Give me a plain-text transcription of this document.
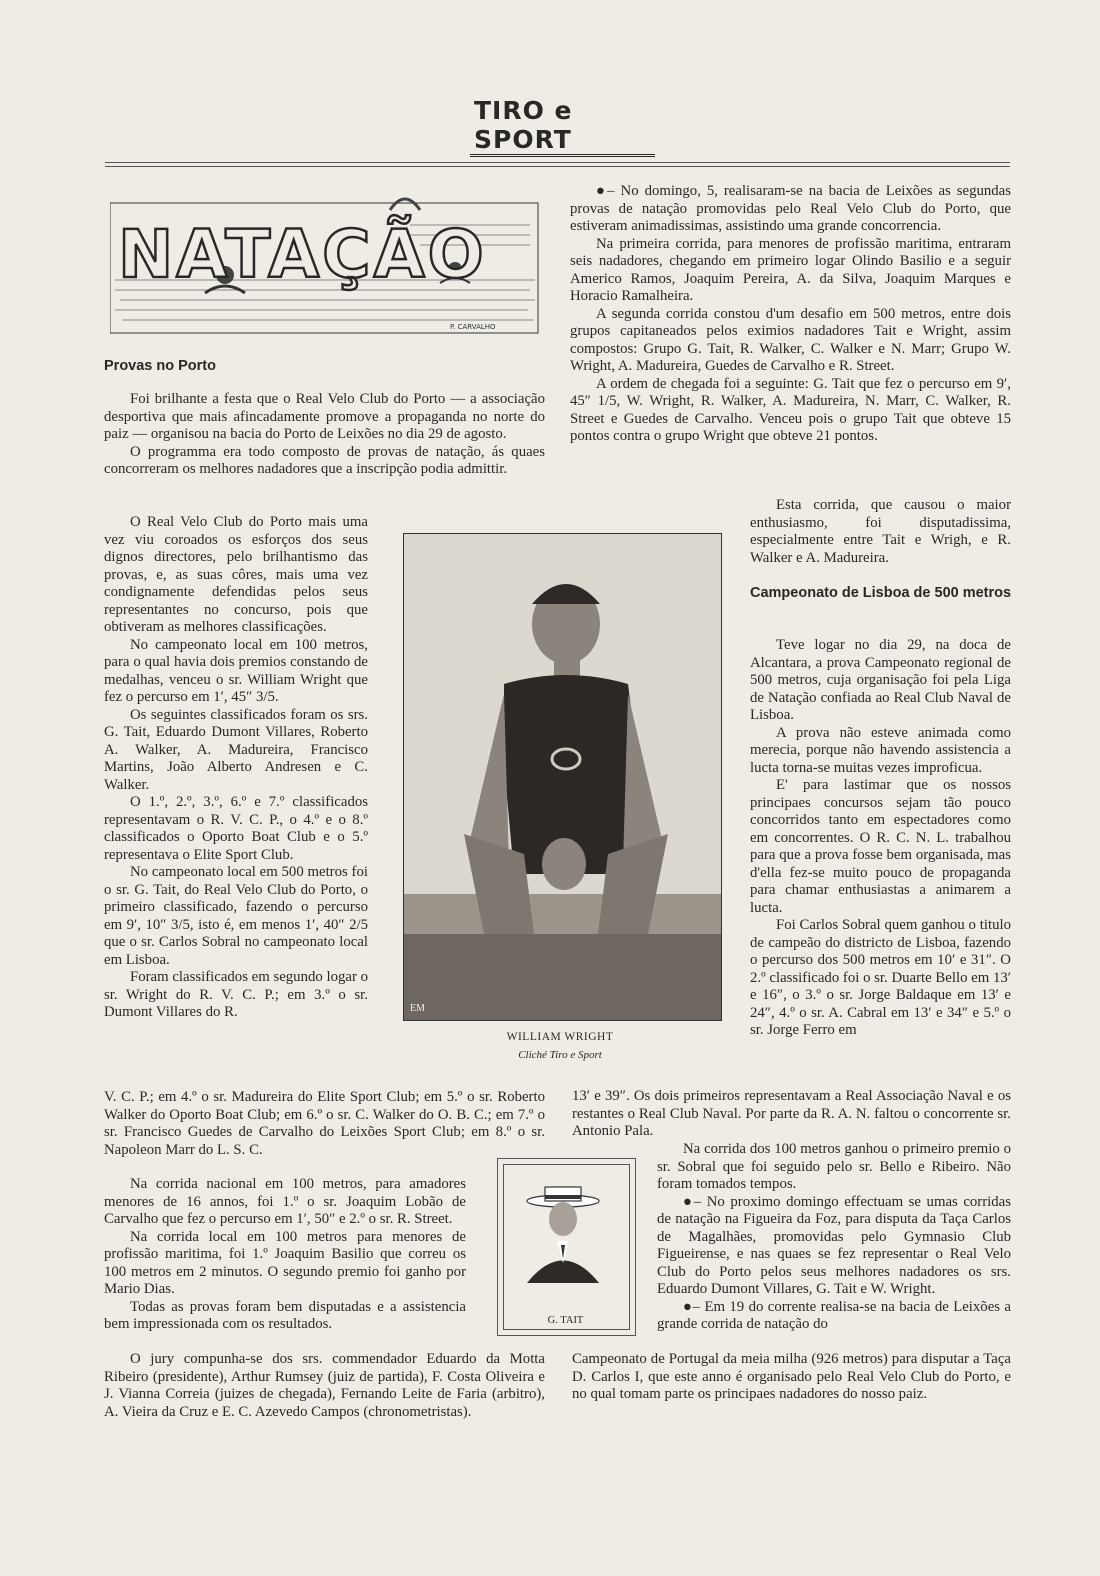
TIRO e SPORT
NATAÇÃO
P. CARVALHO
Provas no Porto

Foi brilhante a festa que o Real Velo Club do Porto — a associação desportiva que mais afincadamente promove a propaganda no norte do paiz — organisou na bacia do Porto de Leixões no dia 29 de agosto.

O programma era todo composto de provas de natação, ás quaes concorreram os melhores nadadores que a inscripção podia admittir.

O Real Velo Club do Porto mais uma vez viu coroados os esforços dos seus dignos directores, pelo brilhantismo das provas, e, as suas côres, mais uma vez condignamente defendidas pelos seus representantes no concurso, pois que obtiveram as melhores classificações.

No campeonato local em 100 metros, para o qual havia dois premios constando de medalhas, venceu o sr. William Wright que fez o percurso em 1′, 45″ 3/5.

Os seguintes classificados foram os srs. G. Tait, Eduardo Dumont Villares, Roberto A. Walker, A. Madureira, Francisco Martins, João Alberto Andresen e C. Walker.

O 1.º, 2.º, 3.º, 6.º e 7.º classificados representavam o R. V. C. P., o 4.º e o 8.º classificados o Oporto Boat Club e o 5.º representava o Elite Sport Club.

No campeonato local em 500 metros foi o sr. G. Tait, do Real Velo Club do Porto, o primeiro classificado, fazendo o percurso em 9′, 10″ 3/5, isto é, em menos 1′, 40″ 2/5 que o sr. Carlos Sobral no campeonato local em Lisboa.

Foram classificados em segundo logar o sr. Wright do R. V. C. P.; em 3.º o sr. Dumont Villares do R.	EM
WILLIAM WRIGHT
Cliché Tiro e Sport

V. C. P.; em 4.º o sr. Madureira do Elite Sport Club; em 5.º o sr. Roberto Walker do Oporto Boat Club; em 6.º o sr. C. Walker do O. B. C.; em 7.º o sr. Francisco Guedes de Carvalho do Leixões Sport Club; em 8.º o sr. Napoleon Marr do L. S. C.

Na corrida nacional em 100 metros, para amadores menores de 16 annos, foi 1.º o sr. Joaquim Lobão de Carvalho que fez o percurso em 1′, 50″ e 2.º o sr. R. Street.

Na corrida local em 100 metros para menores de profissão maritima, foi 1.º Joaquim Basilio que correu os 100 metros em 2 minutos. O segundo premio foi ganho por Mario Dias.

Todas as provas foram bem disputadas e a assistencia bem impressionada com os resultados.

O jury compunha-se dos srs. commendador Eduardo da Motta Ribeiro (presidente), Arthur Rumsey (juiz de partida), F. Costa Oliveira e J. Vianna Correia (juizes de chegada), Fernando Leite de Faria (arbitro), A. Vieira da Cruz e E. C. Azevedo Campos (chronometristas).

G. TAIT

●– No domingo, 5, realisaram-se na bacia de Leixões as segundas provas de natação promovidas pelo Real Velo Club do Porto, que estiveram animadissimas, assistindo uma grande concorrencia.

Na primeira corrida, para menores de profissão maritima, entraram seis nadadores, chegando em primeiro logar Olindo Basilio e a seguir Americo Ramos, Joaquim Pereira, A. da Silva, Joaquim Marques e Horacio Ramalheira.

A segunda corrida constou d'um desafio em 500 metros, entre dois grupos capitaneados pelos eximios nadadores Tait e Wright, assim compostos: Grupo G. Tait, R. Walker, C. Walker e N. Marr; Grupo W. Wright, A. Madureira, Guedes de Carvalho e R. Street.

A ordem de chegada foi a seguinte: G. Tait que fez o percurso em 9′, 45″ 1/5, W. Wright, R. Walker, A. Madureira, N. Marr, C. Walker, R. Street e Guedes de Carvalho. Venceu pois o grupo Tait que obteve 15 pontos contra o grupo Wright que obteve 21 pontos.

Esta corrida, que causou o maior enthusiasmo, foi disputadissima, especialmente entre Tait e Wrigh, e R. Walker e A. Madureira.

Campeonato de Lisboa de 500 metros

Teve logar no dia 29, na doca de Alcantara, a prova Campeonato regional de 500 metros, cuja organisação foi pela Liga de Natação confiada ao Real Club Naval de Lisboa.

A prova não esteve animada como merecia, porque não havendo assistencia a lucta torna-se muitas vezes improficua.

E' para lastimar que os nossos principaes concursos sejam tão pouco concorridos tanto em espectadores como em concorrentes. O R. C. N. L. trabalhou para que a prova fosse bem organisada, mas d'ella fez-se muito pouco de propaganda para chamar enthusiastas a animarem a lucta.

Foi Carlos Sobral quem ganhou o titulo de campeão do districto de Lisboa, fazendo o percurso dos 500 metros em 10′ e 31″. O 2.º classificado foi o sr. Duarte Bello em 13′ e 16″, o 3.º o sr. Jorge Baldaque em 13′ e 24″, 4.º o sr. A. Cabral em 13′ e 34″ e 5.º o sr. Jorge Ferro em

13′ e 39″. Os dois primeiros representavam a Real Associação Naval e os restantes o Real Club Naval. Por parte da R. A. N. faltou o concorrente sr. Antonio Pala.

Na corrida dos 100 metros ganhou o primeiro premio o sr. Sobral que foi seguido pelo sr. Bello e Ribeiro. Não foram tomados tempos.

●– No proximo domingo effectuam se umas corridas de natação na Figueira da Foz, para disputa da Taça Carlos de Magalhães, promovidas pelo Gymnasio Club Figueirense, e nas quaes se fez representar o Real Velo Club do Porto pelos seus melhores nadadores os srs. Eduardo Dumont Villares, G. Tait e W. Wright.

●– Em 19 do corrente realisa-se na bacia de Leixões a grande corrida de natação do

Campeonato de Portugal da meia milha (926 metros) para disputar a Taça D. Carlos I, que este anno é organisado pelo Real Velo Club do Porto, e no qual tomam parte os principaes nadadores do nosso paiz.
